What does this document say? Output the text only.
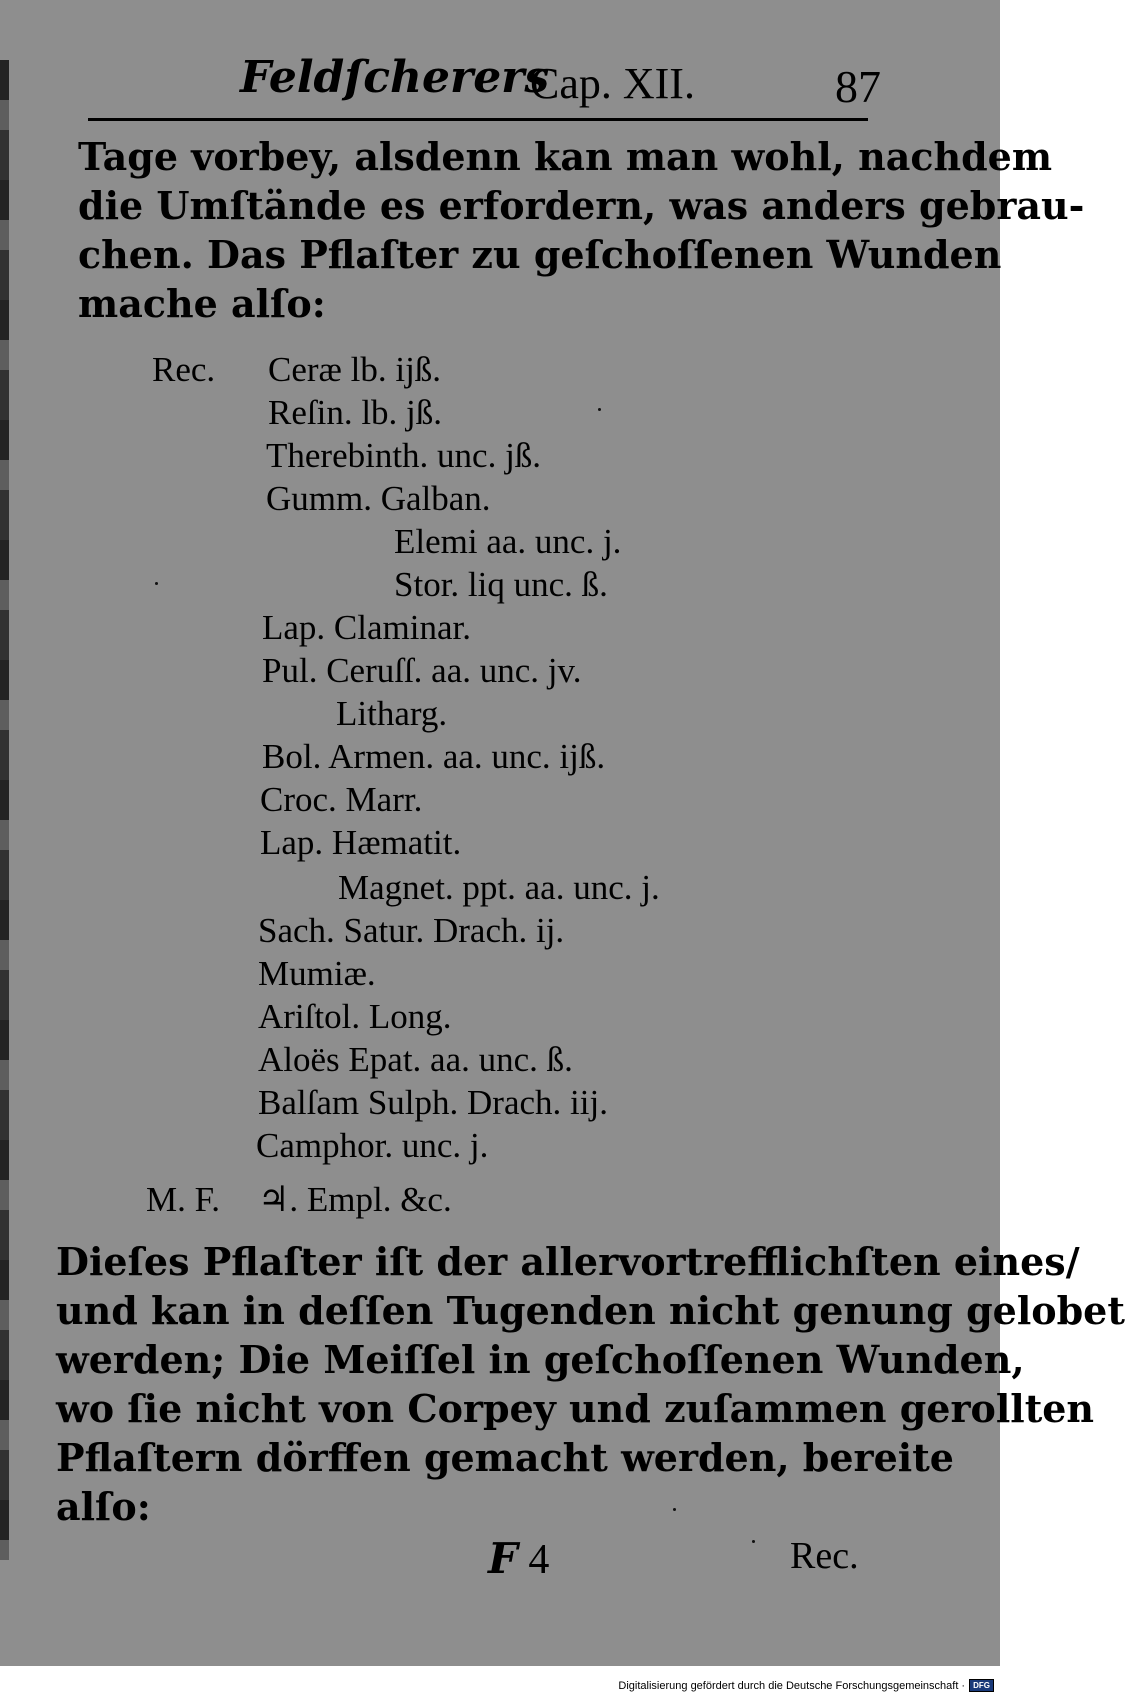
Feldſcherers
Cap. XII.	87

Tage vorbey, alsdenn kan man wohl, nachdem
die Umſtände es erfordern, was anders gebrau-
chen. Das Pflaſter zu geſchoſſenen Wunden
mache alſo:

Rec. Ceræ lb. ijß.
Reſin. lb. jß.
Therebinth. unc. jß.
Gumm. Galban.
Elemi aa. unc. j.
Stor. liq unc. ß.
Lap. Claminar.
Pul. Ceruſſ. aa. unc. jv.
Litharg.
Bol. Armen. aa. unc. ijß.
Croc. Marr.
Lap. Hæmatit.
Magnet. ppt. aa. unc. j.
Sach. Satur. Drach. ij.
Mumiæ.
Ariſtol. Long.
Aloës Epat. aa. unc. ß.
Balſam Sulph. Drach. iij.
Camphor. unc. j.
M. F. ♃. Empl. &c.

Dieſes Pflaſter iſt der allervortrefflichſten eines/
und kan in deſſen Tugenden nicht genung gelobet
werden; Die Meiſſel in geſchoſſenen Wunden,
wo ſie nicht von Corpey und zuſammen gerollten
Pflaſtern dörffen gemacht werden, bereite
alſo:

F 4	Rec.
Digitalisierung gefördert durch die Deutsche Forschungsgemeinschaft ·	DFG
